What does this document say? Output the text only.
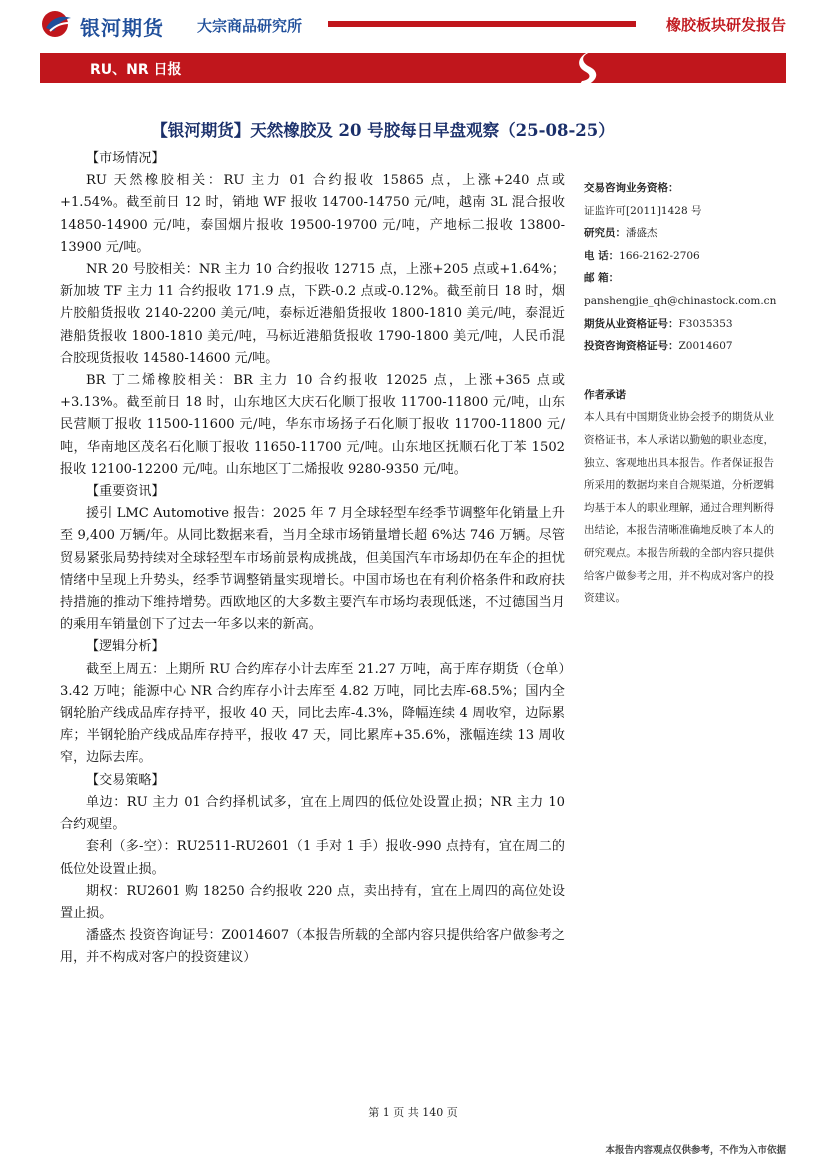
银河期货 大宗商品研究所	橡胶板块研发报告
RU、NR 日报
【银河期货】天然橡胶及 20 号胶每日早盘观察（25-08-25）
【市场情况】

RU 天然橡胶相关：RU 主力 01 合约报收 15865 点，上涨+240 点或+1.54%。截至前日 12 时，销地 WF 报收 14700-14750 元/吨，越南 3L 混合报收 14850-14900 元/吨，泰国烟片报收 19500-19700 元/吨，产地标二报收 13800-13900 元/吨。

NR 20 号胶相关：NR 主力 10 合约报收 12715 点，上涨+205 点或+1.64%；新加坡 TF 主力 11 合约报收 171.9 点，下跌-0.2 点或-0.12%。截至前日 18 时，烟片胶船货报收 2140-2200 美元/吨，泰标近港船货报收 1800-1810 美元/吨，泰混近港船货报收 1800-1810 美元/吨，马标近港船货报收 1790-1800 美元/吨，人民币混合胶现货报收 14580-14600 元/吨。

BR 丁二烯橡胶相关：BR 主力 10 合约报收 12025 点，上涨+365 点或+3.13%。截至前日 18 时，山东地区大庆石化顺丁报收 11700-11800 元/吨，山东民营顺丁报收 11500-11600 元/吨，华东市场扬子石化顺丁报收 11700-11800 元/吨，华南地区茂名石化顺丁报收 11650-11700 元/吨。山东地区抚顺石化丁苯 1502 报收 12100-12200 元/吨。山东地区丁二烯报收 9280-9350 元/吨。

【重要资讯】

援引 LMC Automotive 报告：2025 年 7 月全球轻型车经季节调整年化销量上升至 9,400 万辆/年。从同比数据来看，当月全球市场销量增长超 6%达 746 万辆。尽管贸易紧张局势持续对全球轻型车市场前景构成挑战，但美国汽车市场却仍在车企的担忧情绪中呈现上升势头，经季节调整销量实现增长。中国市场也在有利价格条件和政府扶持措施的推动下维持增势。西欧地区的大多数主要汽车市场均表现低迷，不过德国当月的乘用车销量创下了过去一年多以来的新高。

【逻辑分析】

截至上周五：上期所 RU 合约库存小计去库至 21.27 万吨，高于库存期货（仓单）3.42 万吨；能源中心 NR 合约库存小计去库至 4.82 万吨，同比去库-68.5%；国内全钢轮胎产线成品库存持平，报收 40 天，同比去库-4.3%，降幅连续 4 周收窄，边际累库；半钢轮胎产线成品库存持平，报收 47 天，同比累库+35.6%，涨幅连续 13 周收窄，边际去库。

【交易策略】

单边：RU 主力 01 合约择机试多，宜在上周四的低位处设置止损；NR 主力 10 合约观望。

套利（多-空）：RU2511-RU2601（1 手对 1 手）报收-990 点持有，宜在周二的低位处设置止损。

期权：RU2601 购 18250 合约报收 220 点，卖出持有，宜在上周四的高位处设置止损。

潘盛杰 投资咨询证号：Z0014607（本报告所载的全部内容只提供给客户做参考之用，并不构成对客户的投资建议）

交易咨询业务资格：
证监许可[2011]1428 号
研究员：潘盛杰
电 话：166-2162-2706
邮 箱：
panshengjie_qh@chinastock.com.cn
期货从业资格证号：F3035353
投资咨询资格证号：Z0014607
作者承诺
本人具有中国期货业协会授予的期货从业资格证书，本人承诺以勤勉的职业态度，独立、客观地出具本报告。作者保证报告所采用的数据均来自合规渠道，分析逻辑均基于本人的职业理解，通过合理判断得出结论，本报告清晰准确地反映了本人的研究观点。本报告所载的全部内容只提供给客户做参考之用，并不构成对客户的投资建议。
第 1 页 共 140 页
本报告内容观点仅供参考，不作为入市依据
